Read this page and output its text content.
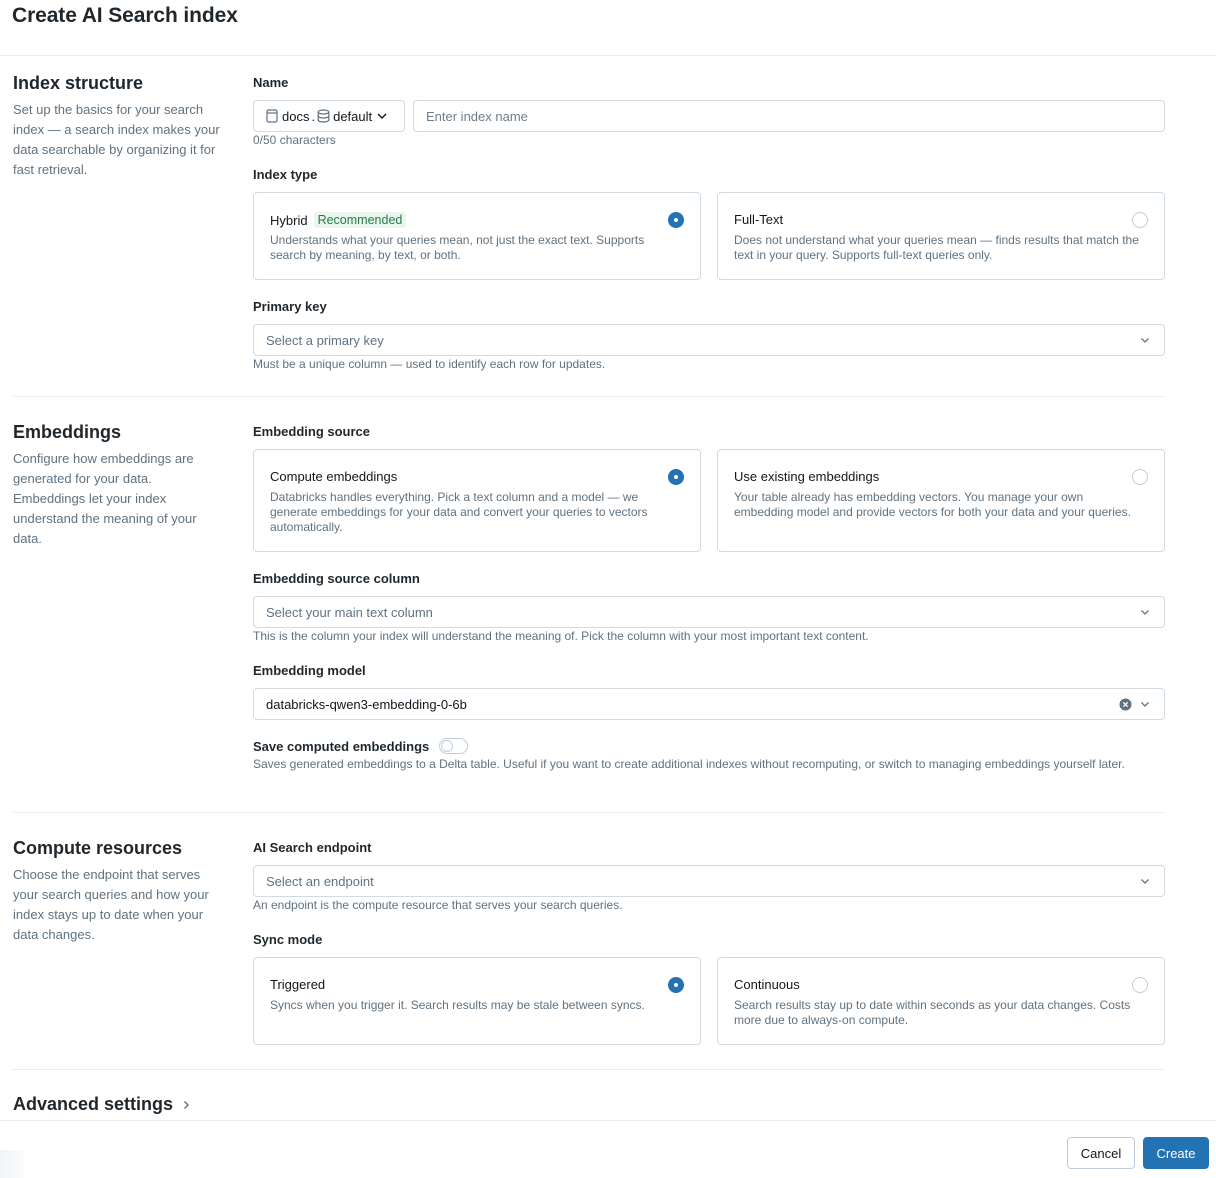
Create AI Search index
Index structure
Set up the basics for your search index — a search index makes your data searchable by organizing it for fast retrieval.
Name
docs . default
Enter index name
0/50 characters
Index type
Hybrid Recommended
Understands what your queries mean, not just the exact text. Supports search by meaning, by text, or both.
Full-Text
Does not understand what your queries mean — finds results that match the text in your query. Supports full-text queries only.
Primary key
Select a primary key
Must be a unique column — used to identify each row for updates.
Embeddings
Configure how embeddings are generated for your data. Embeddings let your index understand the meaning of your data.
Embedding source
Compute embeddings
Databricks handles everything. Pick a text column and a model — we generate embeddings for your data and convert your queries to vectors automatically.
Use existing embeddings
Your table already has embedding vectors. You manage your own embedding model and provide vectors for both your data and your queries.
Embedding source column
Select your main text column
This is the column your index will understand the meaning of. Pick the column with your most important text content.
Embedding model
databricks-qwen3-embedding-0-6b
Save computed embeddings
Saves generated embeddings to a Delta table. Useful if you want to create additional indexes without recomputing, or switch to managing embeddings yourself later.
Compute resources
Choose the endpoint that serves your search queries and how your index stays up to date when your data changes.
AI Search endpoint
Select an endpoint
An endpoint is the compute resource that serves your search queries.
Sync mode
Triggered
Syncs when you trigger it. Search results may be stale between syncs.
Continuous
Search results stay up to date within seconds as your data changes. Costs more due to always-on compute.
Advanced settings
Cancel	Create
